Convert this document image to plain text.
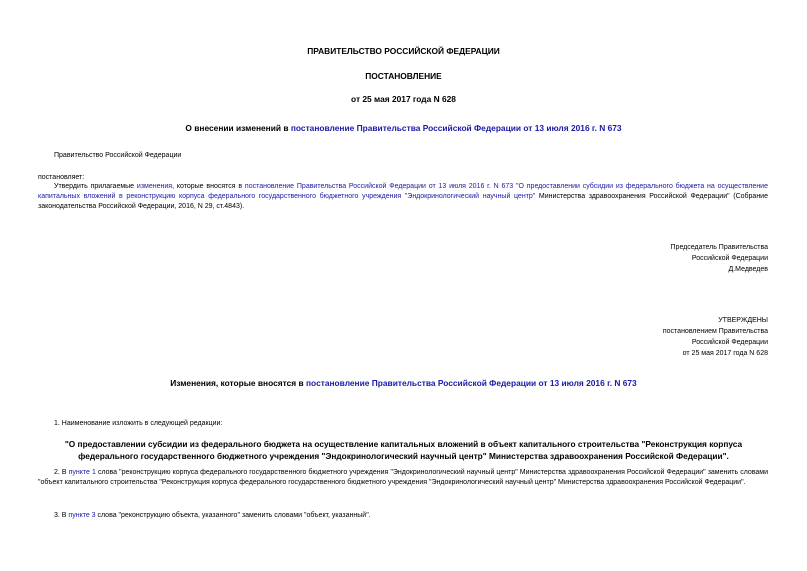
ПРАВИТЕЛЬСТВО РОССИЙСКОЙ ФЕДЕРАЦИИ
ПОСТАНОВЛЕНИЕ
от 25 мая 2017 года N 628
О внесении изменений в постановление Правительства Российской Федерации от 13 июля 2016 г. N 673
Правительство Российской Федерации
постановляет:
Утвердить прилагаемые изменения, которые вносятся в постановление Правительства Российской Федерации от 13 июля 2016 г. N 673 "О предоставлении субсидии из федерального бюджета на осуществление капитальных вложений в реконструкцию корпуса федерального государственного бюджетного учреждения "Эндокринологический научный центр" Министерства здравоохранения Российской Федерации" (Собрание законодательства Российской Федерации, 2016, N 29, ст.4843).
Председатель Правительства
Российской Федерации
Д.Медведев
УТВЕРЖДЕНЫ
постановлением Правительства
Российской Федерации
от 25 мая 2017 года N 628
Изменения, которые вносятся в постановление Правительства Российской Федерации от 13 июля 2016 г. N 673
1. Наименование изложить в следующей редакции:
"О предоставлении субсидии из федерального бюджета на осуществление капитальных вложений в объект капитального строительства "Реконструкция корпуса федерального государственного бюджетного учреждения "Эндокринологический научный центр" Министерства здравоохранения Российской Федерации".
2. В пункте 1 слова "реконструкцию корпуса федерального государственного бюджетного учреждения "Эндокринологический научный центр" Министерства здравоохранения Российской Федерации" заменить словами "объект капитального строительства "Реконструкция корпуса федерального государственного бюджетного учреждения "Эндокринологический научный центр" Министерства здравоохранения Российской Федерации".
3. В пункте 3 слова "реконструкцию объекта, указанного" заменить словами "объект, указанный".
